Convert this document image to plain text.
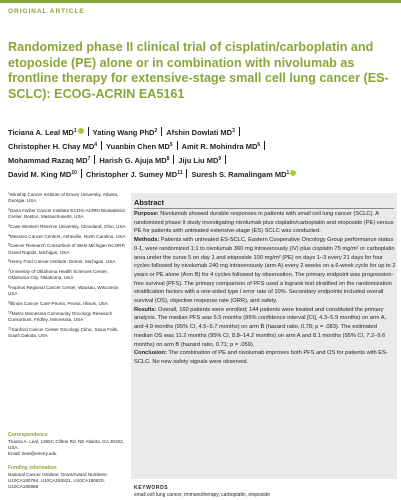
ORIGINAL ARTICLE
Randomized phase II clinical trial of cisplatin/carboplatin and etoposide (PE) alone or in combination with nivolumab as frontline therapy for extensive-stage small cell lung cancer (ES-SCLC): ECOG-ACRIN EA5161
Ticiana A. Leal $MD^1$ Yating Wang PhD$^2$ Afshin Dowlati $MD^3$
Christopher H. Chay $MD^4$ Yuanbin Chen $MD^5$ Amit R. Mohindra $MD^6$
Mohammad Razaq $MD^7$ Harish G. Ajuja $MD^8$ Jiju Liu $MD^9$
David M. King MD$^{10}$ Christopher J. Sumey MD$^{11}$ Suresh S. Ramalingam $MD^1$
$^1$Winship Cancer Institute of Emory University, Atlanta, Georgia, USA
$^2$Dana Farber Cancer Institute ECOG-ACRIN Biostatistics Center, Boston, Massachusetts, USA
$^3$Case Western Reserve University, Cleveland, Ohio, USA
$^4$Messino Cancer Centers, Asheville, North Carolina, USA
$^5$Cancer Research Consortium of West Michigan NCORP, Grand Rapids, Michigan, USA
$^6$Henry Ford Cancer Institute, Detroit, Michigan, USA
$^7$University of Oklahoma Health Sciences Center, Oklahoma City, Oklahoma, USA
$^8$Aspirus Regional Cancer Center, Wausau, Wisconsin, USA
$^9$Illinois Cancer Care-Peoria, Peoria, Illinois, USA
$^{10}$Metro Minnesota Community Oncology Research Consortium, Fridley, Minnesota, USA
$^{11}$Sanford Cancer Center Oncology Clinic, Sioux Falls, South Dakota, USA
Correspondence
Ticiana A. Leal, 1365C Clifton Rd, NE Atlanta, GA 30322, USA.
Email: tleal@emory.edu
Funding information
National Cancer Institute, Grant/Award Numbers: U10CA180794, U10CA180821, U10CA180820, U10CA180868
Abstract

Purpose: Nivolumab showed durable responses in patients with small cell lung cancer (SCLC). A randomized phase II study investigating nivolumab plus cisplatin/carboplatin and etoposide (PE) versus PE for patients with untreated extensive-stage (ES) SCLC was conducted.

Methods: Patients with untreated ES-SCLC, Eastern Cooperative Oncology Group performance status 0-1, were randomized 1:1 to nivolumab 360 mg intravenously (IV) plus cisplatin 75 mg/m² or carboplatin area under the curve 5 on day 1 and etoposide 100 mg/m² (PE) on days 1–3 every 21 days for four cycles followed by nivolumab 240 mg intravenously (arm A) every 2 weeks on a 6-week cycle for up to 2 years or PE alone (Arm B) for 4 cycles followed by observation. The primary endpoint was progression-free survival (PFS). The primary comparison of PFS used a logrank test stratified on the randomization stratification factors with a one-sided type I error rate of 10%. Secondary endpoints included overall survival (OS), objective response rate (ORR), and safety.

Results: Overall, 160 patients were enrolled; 144 patients were treated and constituted the primary analysis. The median PFS was 5.5 months (95% confidence interval [CI], 4.3–5.9 months) on arm A, and 4.9 months (95% CI, 4.5–5.7 months) on arm B (hazard ratio, 0.78; p = .083). The estimated median OS was 11.2 months (95% CI, 8.8–14.2 months) on arm A and 8.1 months (95% CI, 7.2–9.6 months) on arm B (hazard ratio, 0.71; p = .059).

Conclusion: The combination of PE and nivolumab improves both PFS and OS for patients with ES-SCLC. No new safety signals were observed.

KEYWORDS
small cell lung cancer, immunotherapy, carboplatin, etoposide
